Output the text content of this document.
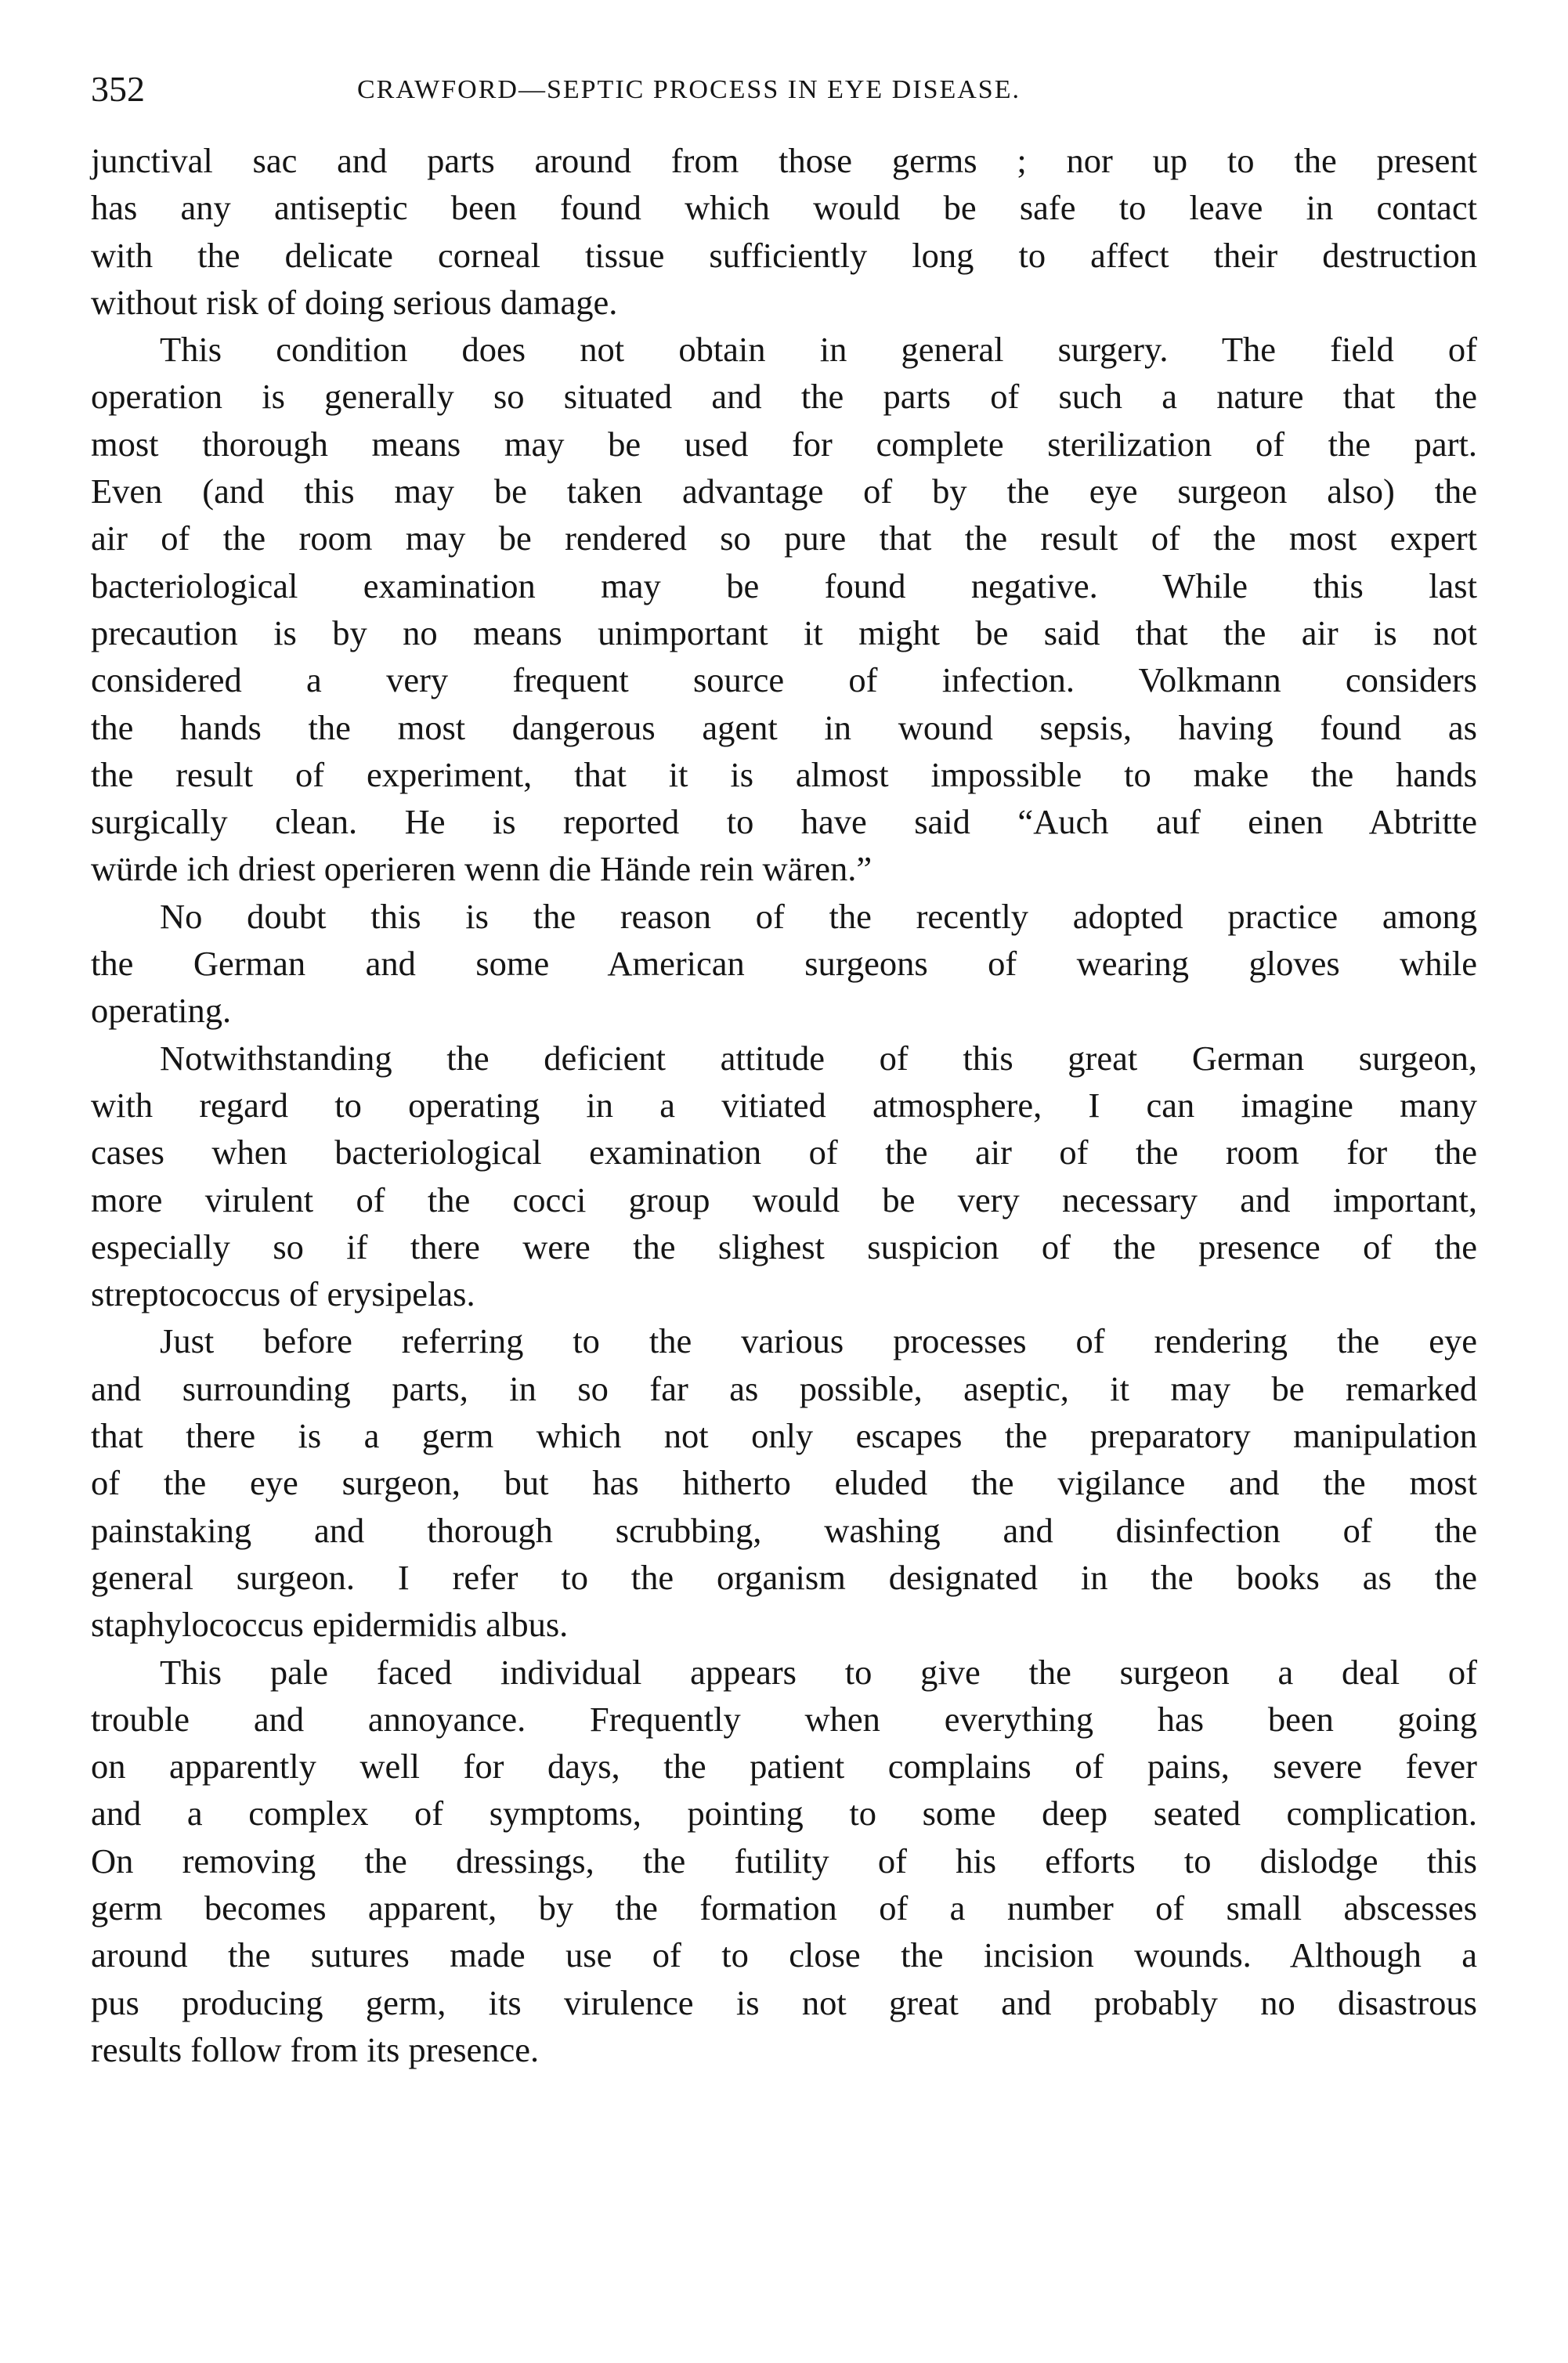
352	CRAWFORD—SEPTIC PROCESS IN EYE DISEASE.
junctival sac and parts around from those germs ; nor up to the present
has any antiseptic been found which would be safe to leave in contact
with the delicate corneal tissue sufficiently long to affect their destruction
without risk of doing serious damage.
This condition does not obtain in general surgery. The field of
operation is generally so situated and the parts of such a nature that the
most thorough means may be used for complete sterilization of the part.
Even (and this may be taken advantage of by the eye surgeon also) the
air of the room may be rendered so pure that the result of the most expert
bacteriological examination may be found negative. While this last
precaution is by no means unimportant it might be said that the air is not
considered a very frequent source of infection. Volkmann considers
the hands the most dangerous agent in wound sepsis, having found as
the result of experiment, that it is almost impossible to make the hands
surgically clean. He is reported to have said “Auch auf einen Abtritte
würde ich driest operieren wenn die Hände rein wären.”
No doubt this is the reason of the recently adopted practice among
the German and some American surgeons of wearing gloves while
operating.
Notwithstanding the deficient attitude of this great German surgeon,
with regard to operating in a vitiated atmosphere, I can imagine many
cases when bacteriological examination of the air of the room for the
more virulent of the cocci group would be very necessary and important,
especially so if there were the slighest suspicion of the presence of the
streptococcus of erysipelas.
Just before referring to the various processes of rendering the eye
and surrounding parts, in so far as possible, aseptic, it may be remarked
that there is a germ which not only escapes the preparatory manipulation
of the eye surgeon, but has hitherto eluded the vigilance and the most
painstaking and thorough scrubbing, washing and disinfection of the
general surgeon. I refer to the organism designated in the books as the
staphylococcus epidermidis albus.
This pale faced individual appears to give the surgeon a deal of
trouble and annoyance. Frequently when everything has been going
on apparently well for days, the patient complains of pains, severe fever
and a complex of symptoms, pointing to some deep seated complication.
On removing the dressings, the futility of his efforts to dislodge this
germ becomes apparent, by the formation of a number of small abscesses
around the sutures made use of to close the incision wounds. Although a
pus producing germ, its virulence is not great and probably no disastrous
results follow from its presence.
